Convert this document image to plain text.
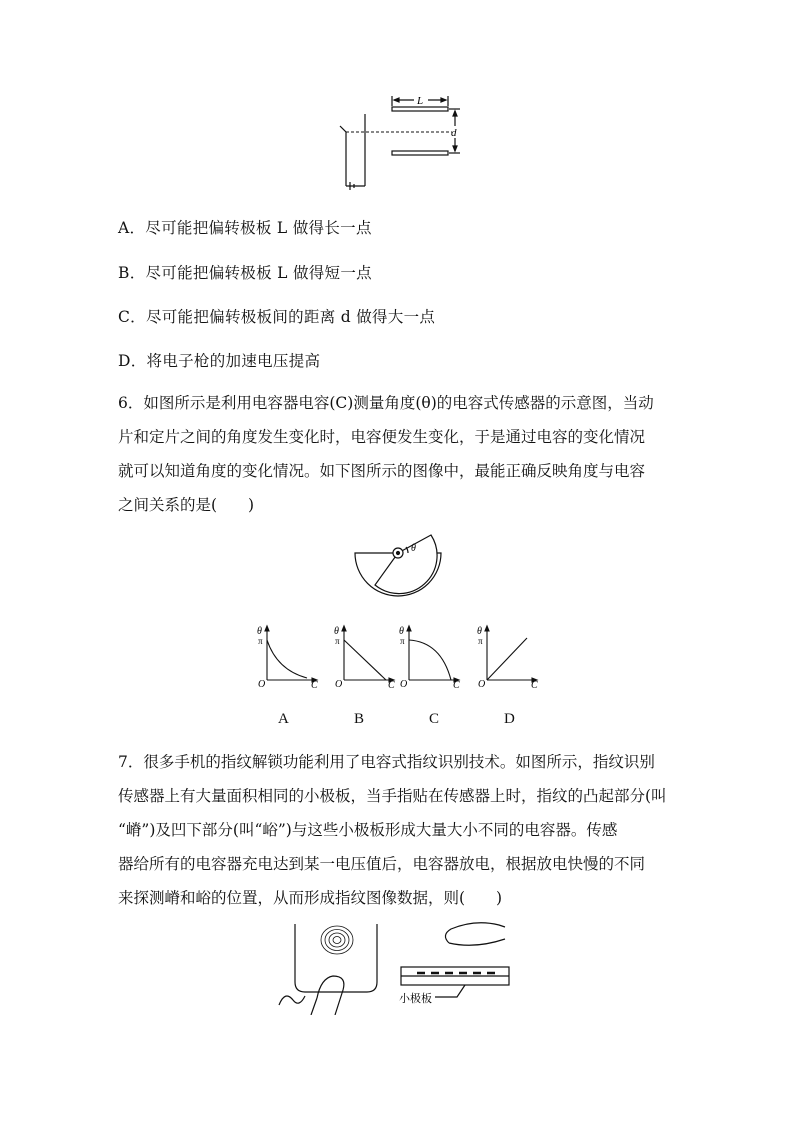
L
d
A．尽可能把偏转极板 L 做得长一点
B．尽可能把偏转极板 L 做得短一点
C．尽可能把偏转极板间的距离 d 做得大一点
D．将电子枪的加速电压提高
6．如图所示是利用电容器电容(C)测量角度(θ)的电容式传感器的示意图，当动
片和定片之间的角度发生变化时，电容便发生变化，于是通过电容的变化情况
就可以知道角度的变化情况。如下图所示的图像中，最能正确反映角度与电容
之间关系的是(　　)
θ
θ
π
O	C
θ
π
O	C
θ
π
O	C
θ
π
O	C
A	B	C	D
7．很多手机的指纹解锁功能利用了电容式指纹识别技术。如图所示，指纹识别
传感器上有大量面积相同的小极板，当手指贴在传感器上时，指纹的凸起部分(叫
“嵴”)及凹下部分(叫“峪”)与这些小极板形成大量大小不同的电容器。传感
器给所有的电容器充电达到某一电压值后，电容器放电，根据放电快慢的不同
来探测嵴和峪的位置，从而形成指纹图像数据，则(　　)
小极板
